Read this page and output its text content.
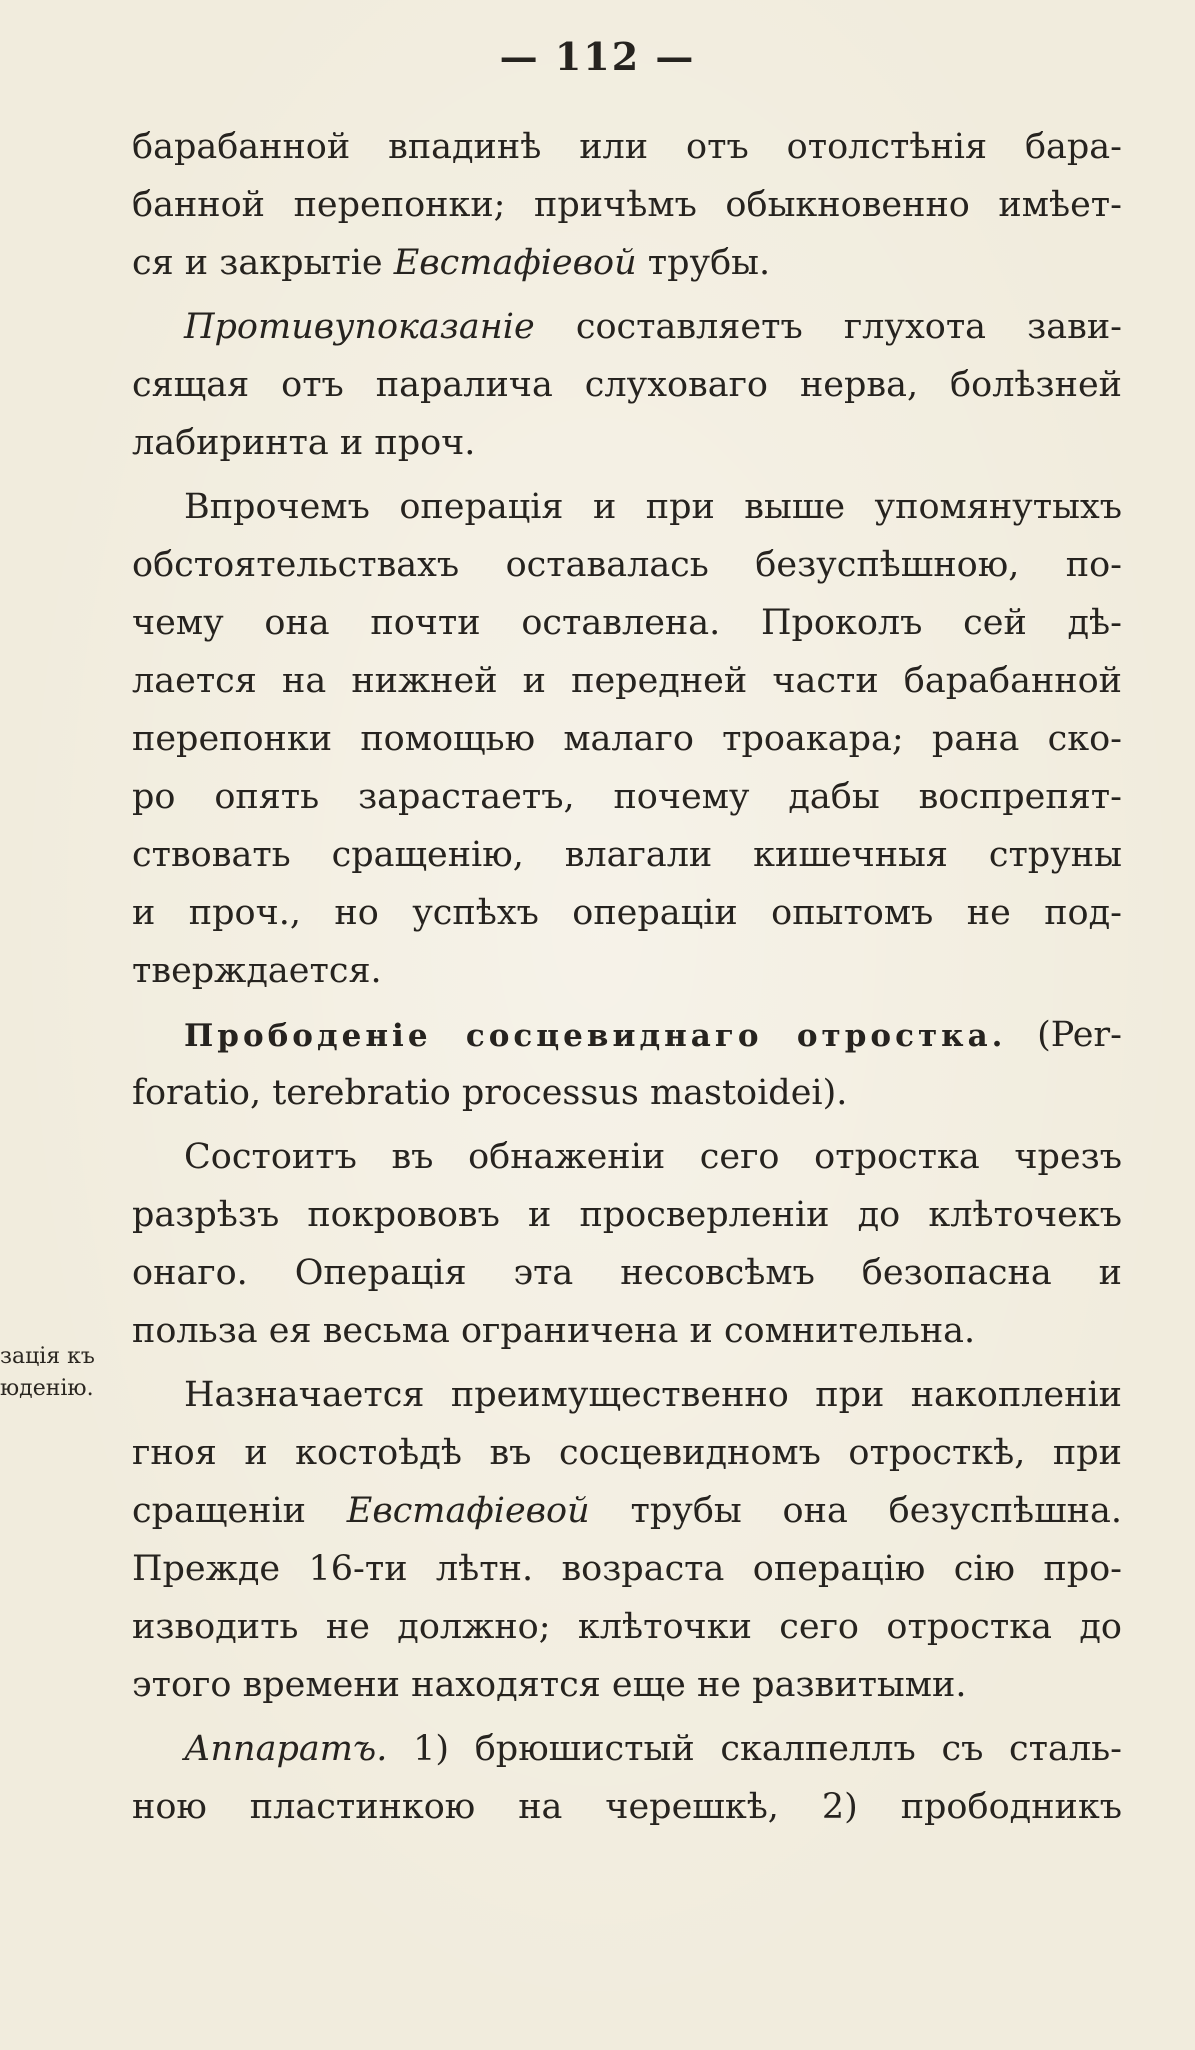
— 112 —
зація къ
юденію.
барабанной впадинѣ или отъ отолстѣнія бара-
банной перепонки; причѣмъ обыкновенно имѣет-
ся и закрытіе Евстафіевой трубы.
Противупоказаніе составляетъ глухота зави-
сящая отъ паралича слуховаго нерва, болѣзней
лабиринта и проч.
Впрочемъ операція и при выше упомянутыхъ
обстоятельствахъ оставалась безуспѣшною, по-
чему она почти оставлена. Проколъ сей дѣ-
лается на нижней и передней части барабанной
перепонки помощью малаго троакара; рана ско-
ро опять зарастаетъ, почему дабы воспрепят-
ствовать сращенію, влагали кишечныя струны
и проч., но успѣхъ операціи опытомъ не под-
тверждается.
Прободеніе сосцевиднаго отростка. (Per-
foratio, terebratio processus mastoidei).
Состоитъ въ обнаженіи сего отростка чрезъ
разрѣзъ покрововъ и просверленіи до клѣточекъ
онаго. Операція эта несовсѣмъ безопасна и
польза ея весьма ограничена и сомнительна.
Назначается преимущественно при накопленіи
гноя и костоѣдѣ въ сосцевидномъ отросткѣ, при
сращеніи Евстафіевой трубы она безуспѣшна.
Прежде 16-ти лѣтн. возраста операцію сію про-
изводить не должно; клѣточки сего отростка до
этого времени находятся еще не развитыми.
Аппаратъ. 1) брюшистый скалпеллъ съ сталь-
ною пластинкою на черешкѣ, 2) прободникъ
